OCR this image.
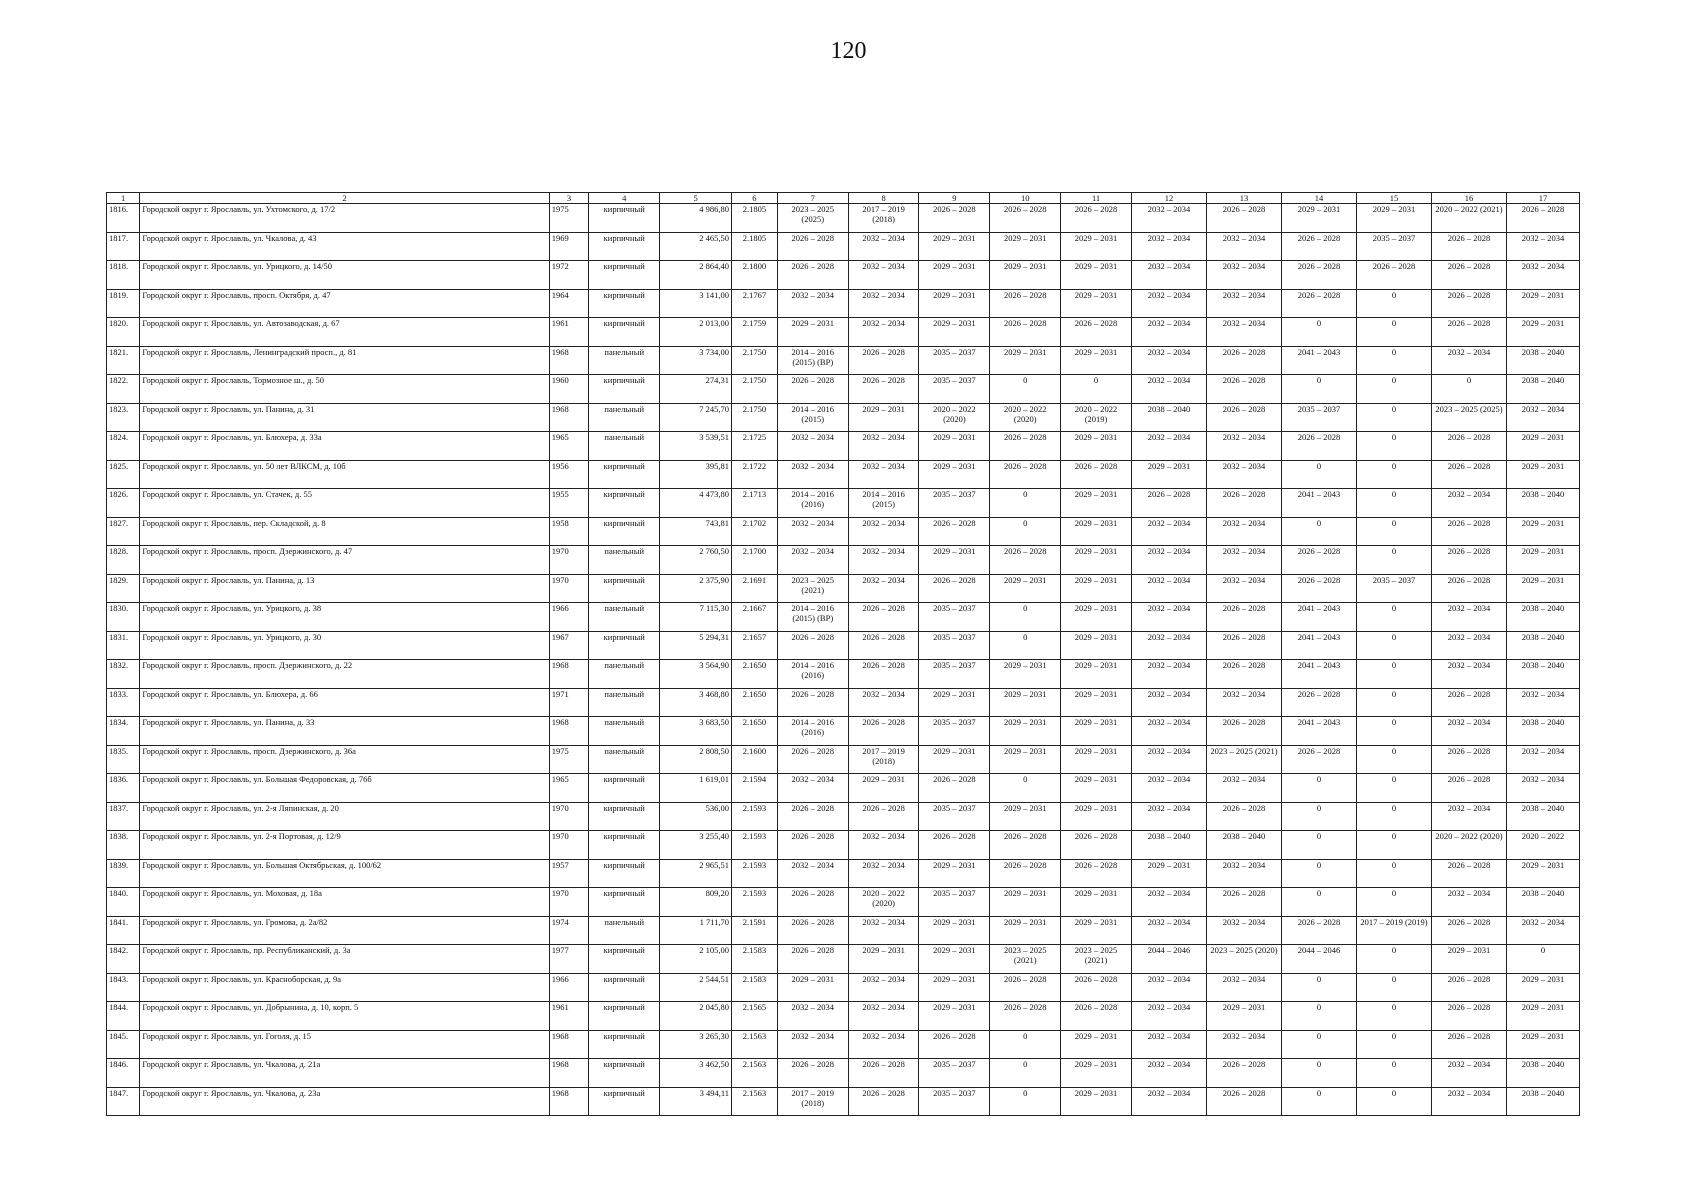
120
1	2	3	4	5	6	7	8	9	10	11	12	13	14	15	16	17
1816.	Городской округ г. Ярославль, ул. Ухтомского, д. 17/2	1975	кирпичный	4 986,80	2.1805	2023 – 2025 (2025)	2017 – 2019 (2018)	2026 – 2028	2026 – 2028	2026 – 2028	2032 – 2034	2026 – 2028	2029 – 2031	2029 – 2031	2020 – 2022 (2021)	2026 – 2028
1817.	Городской округ г. Ярославль, ул. Чкалова, д. 43	1969	кирпичный	2 465,50	2.1805	2026 – 2028	2032 – 2034	2029 – 2031	2029 – 2031	2029 – 2031	2032 – 2034	2032 – 2034	2026 – 2028	2035 – 2037	2026 – 2028	2032 – 2034
1818.	Городской округ г. Ярославль, ул. Урицкого, д. 14/50	1972	кирпичный	2 864,40	2.1800	2026 – 2028	2032 – 2034	2029 – 2031	2029 – 2031	2029 – 2031	2032 – 2034	2032 – 2034	2026 – 2028	2026 – 2028	2026 – 2028	2032 – 2034
1819.	Городской округ г. Ярославль, просп. Октября, д. 47	1964	кирпичный	3 141,00	2.1767	2032 – 2034	2032 – 2034	2029 – 2031	2026 – 2028	2029 – 2031	2032 – 2034	2032 – 2034	2026 – 2028	0	2026 – 2028	2029 – 2031
1820.	Городской округ г. Ярославль, ул. Автозаводская, д. 67	1961	кирпичный	2 013,00	2.1759	2029 – 2031	2032 – 2034	2029 – 2031	2026 – 2028	2026 – 2028	2032 – 2034	2032 – 2034	0	0	2026 – 2028	2029 – 2031
1821.	Городской округ г. Ярославль, Ленинградский просп., д. 81	1968	панельный	3 734,00	2.1750	2014 – 2016 (2015) (ВР)	2026 – 2028	2035 – 2037	2029 – 2031	2029 – 2031	2032 – 2034	2026 – 2028	2041 – 2043	0	2032 – 2034	2038 – 2040
1822.	Городской округ г. Ярославль, Тормозное ш., д. 50	1960	кирпичный	274,31	2.1750	2026 – 2028	2026 – 2028	2035 – 2037	0	0	2032 – 2034	2026 – 2028	0	0	0	2038 – 2040
1823.	Городской округ г. Ярославль, ул. Панина, д. 31	1968	панельный	7 245,70	2.1750	2014 – 2016 (2015)	2029 – 2031	2020 – 2022 (2020)	2020 – 2022 (2020)	2020 – 2022 (2019)	2038 – 2040	2026 – 2028	2035 – 2037	0	2023 – 2025 (2025)	2032 – 2034
1824.	Городской округ г. Ярославль, ул. Блюхера, д. 33а	1965	панельный	3 539,51	2.1725	2032 – 2034	2032 – 2034	2029 – 2031	2026 – 2028	2029 – 2031	2032 – 2034	2032 – 2034	2026 – 2028	0	2026 – 2028	2029 – 2031
1825.	Городской округ г. Ярославль, ул. 50 лет ВЛКСМ, д. 10б	1956	кирпичный	395,81	2.1722	2032 – 2034	2032 – 2034	2029 – 2031	2026 – 2028	2026 – 2028	2029 – 2031	2032 – 2034	0	0	2026 – 2028	2029 – 2031
1826.	Городской округ г. Ярославль, ул. Стачек, д. 55	1955	кирпичный	4 473,80	2.1713	2014 – 2016 (2016)	2014 – 2016 (2015)	2035 – 2037	0	2029 – 2031	2026 – 2028	2026 – 2028	2041 – 2043	0	2032 – 2034	2038 – 2040
1827.	Городской округ г. Ярославль, пер. Складской, д. 8	1958	кирпичный	743,81	2.1702	2032 – 2034	2032 – 2034	2026 – 2028	0	2029 – 2031	2032 – 2034	2032 – 2034	0	0	2026 – 2028	2029 – 2031
1828.	Городской округ г. Ярославль, просп. Дзержинского, д. 47	1970	панельный	2 760,50	2.1700	2032 – 2034	2032 – 2034	2029 – 2031	2026 – 2028	2029 – 2031	2032 – 2034	2032 – 2034	2026 – 2028	0	2026 – 2028	2029 – 2031
1829.	Городской округ г. Ярославль, ул. Панина, д. 13	1970	кирпичный	2 375,90	2.1691	2023 – 2025 (2021)	2032 – 2034	2026 – 2028	2029 – 2031	2029 – 2031	2032 – 2034	2032 – 2034	2026 – 2028	2035 – 2037	2026 – 2028	2029 – 2031
1830.	Городской округ г. Ярославль, ул. Урицкого, д. 38	1966	панельный	7 115,30	2.1667	2014 – 2016 (2015) (ВР)	2026 – 2028	2035 – 2037	0	2029 – 2031	2032 – 2034	2026 – 2028	2041 – 2043	0	2032 – 2034	2038 – 2040
1831.	Городской округ г. Ярославль, ул. Урицкого, д. 30	1967	кирпичный	5 294,31	2.1657	2026 – 2028	2026 – 2028	2035 – 2037	0	2029 – 2031	2032 – 2034	2026 – 2028	2041 – 2043	0	2032 – 2034	2038 – 2040
1832.	Городской округ г. Ярославль, просп. Дзержинского, д. 22	1968	панельный	3 564,90	2.1650	2014 – 2016 (2016)	2026 – 2028	2035 – 2037	2029 – 2031	2029 – 2031	2032 – 2034	2026 – 2028	2041 – 2043	0	2032 – 2034	2038 – 2040
1833.	Городской округ г. Ярославль, ул. Блюхера, д. 66	1971	панельный	3 468,80	2.1650	2026 – 2028	2032 – 2034	2029 – 2031	2029 – 2031	2029 – 2031	2032 – 2034	2032 – 2034	2026 – 2028	0	2026 – 2028	2032 – 2034
1834.	Городской округ г. Ярославль, ул. Панина, д. 33	1968	панельный	3 683,50	2.1650	2014 – 2016 (2016)	2026 – 2028	2035 – 2037	2029 – 2031	2029 – 2031	2032 – 2034	2026 – 2028	2041 – 2043	0	2032 – 2034	2038 – 2040
1835.	Городской округ г. Ярославль, просп. Дзержинского, д. 36а	1975	панельный	2 808,50	2.1600	2026 – 2028	2017 – 2019 (2018)	2029 – 2031	2029 – 2031	2029 – 2031	2032 – 2034	2023 – 2025 (2021)	2026 – 2028	0	2026 – 2028	2032 – 2034
1836.	Городской округ г. Ярославль, ул. Большая Федоровская, д. 76б	1965	кирпичный	1 619,01	2.1594	2032 – 2034	2029 – 2031	2026 – 2028	0	2029 – 2031	2032 – 2034	2032 – 2034	0	0	2026 – 2028	2032 – 2034
1837.	Городской округ г. Ярославль, ул. 2-я Ляпинская, д. 20	1970	кирпичный	536,00	2.1593	2026 – 2028	2026 – 2028	2035 – 2037	2029 – 2031	2029 – 2031	2032 – 2034	2026 – 2028	0	0	2032 – 2034	2038 – 2040
1838.	Городской округ г. Ярославль, ул. 2-я Портовая, д. 12/9	1970	кирпичный	3 255,40	2.1593	2026 – 2028	2032 – 2034	2026 – 2028	2026 – 2028	2026 – 2028	2038 – 2040	2038 – 2040	0	0	2020 – 2022 (2020)	2020 – 2022
1839.	Городской округ г. Ярославль, ул. Большая Октябрьская, д. 100/62	1957	кирпичный	2 965,51	2.1593	2032 – 2034	2032 – 2034	2029 – 2031	2026 – 2028	2026 – 2028	2029 – 2031	2032 – 2034	0	0	2026 – 2028	2029 – 2031
1840.	Городской округ г. Ярославль, ул. Моховая, д. 18а	1970	кирпичный	809,20	2.1593	2026 – 2028	2020 – 2022 (2020)	2035 – 2037	2029 – 2031	2029 – 2031	2032 – 2034	2026 – 2028	0	0	2032 – 2034	2038 – 2040
1841.	Городской округ г. Ярославль, ул. Громова, д. 2а/82	1974	панельный	1 711,70	2.1591	2026 – 2028	2032 – 2034	2029 – 2031	2029 – 2031	2029 – 2031	2032 – 2034	2032 – 2034	2026 – 2028	2017 – 2019 (2019)	2026 – 2028	2032 – 2034
1842.	Городской округ г. Ярославль, пр. Республиканский, д. 3а	1977	кирпичный	2 105,00	2.1583	2026 – 2028	2029 – 2031	2029 – 2031	2023 – 2025 (2021)	2023 – 2025 (2021)	2044 – 2046	2023 – 2025 (2020)	2044 – 2046	0	2029 – 2031	0
1843.	Городской округ г. Ярославль, ул. Красноборская, д. 9а	1966	кирпичный	2 544,51	2.1583	2029 – 2031	2032 – 2034	2029 – 2031	2026 – 2028	2026 – 2028	2032 – 2034	2032 – 2034	0	0	2026 – 2028	2029 – 2031
1844.	Городской округ г. Ярославль, ул. Добрынина, д. 10, корп. 5	1961	кирпичный	2 045,80	2.1565	2032 – 2034	2032 – 2034	2029 – 2031	2026 – 2028	2026 – 2028	2032 – 2034	2029 – 2031	0	0	2026 – 2028	2029 – 2031
1845.	Городской округ г. Ярославль, ул. Гоголя, д. 15	1968	кирпичный	3 265,30	2.1563	2032 – 2034	2032 – 2034	2026 – 2028	0	2029 – 2031	2032 – 2034	2032 – 2034	0	0	2026 – 2028	2029 – 2031
1846.	Городской округ г. Ярославль, ул. Чкалова, д. 21а	1968	кирпичный	3 462,50	2.1563	2026 – 2028	2026 – 2028	2035 – 2037	0	2029 – 2031	2032 – 2034	2026 – 2028	0	0	2032 – 2034	2038 – 2040
1847.	Городской округ г. Ярославль, ул. Чкалова, д. 23а	1968	кирпичный	3 494,11	2.1563	2017 – 2019 (2018)	2026 – 2028	2035 – 2037	0	2029 – 2031	2032 – 2034	2026 – 2028	0	0	2032 – 2034	2038 – 2040
